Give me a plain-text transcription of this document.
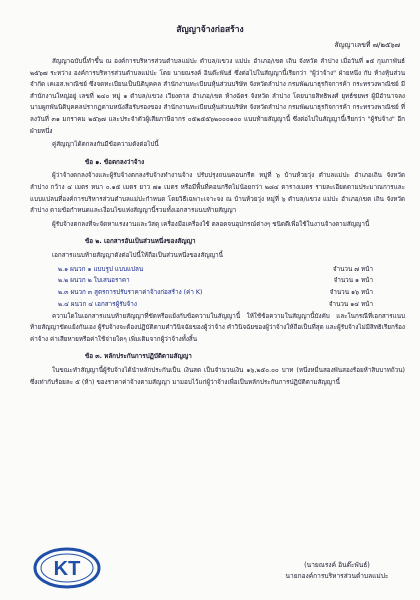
สัญญาจ้างก่อสร้าง
สัญญาเลขที่ ๗/๒๕๖๗

สัญญาฉบับนี้ทำขึ้น ณ องค์การบริหารส่วนตำบลแม่ปะ ตำบล/แขวง แม่ปะ อำเภอ/เขต เถิน จังหวัด ลำปาง เมื่อวันที่ ๑๕ กุมภาพันธ์ ๒๕๖๗ ระหว่าง องค์การบริหารส่วนตำบลแม่ปะ โดย นายณรงค์ อินต๊ะพันธ์ ซึ่งต่อไปในสัญญานี้เรียกว่า "ผู้ว่าจ้าง" ฝ่ายหนึ่ง กับ ห้างหุ้นส่วนจำกัด เคเอส.พาณิชย์ ซึ่งจดทะเบียนเป็นนิติบุคคล สำนักงานทะเบียนหุ้นส่วนบริษัท จังหวัดลำปาง กรมพัฒนาธุรกิจการค้า กระทรวงพาณิชย์ มีสำนักงานใหญ่อยู่ เลขที่ ๒๔๐ หมู่ ๑ ตำบล/แขวง เวียงตาล อำเภอ/เขต ห้างฉัตร จังหวัด ลำปาง โดยนายสิทธิพงศ์ ยุทธ์ชยพร ผู้มีอำนาจลงนามผูกพันนิติบุคคลปรากฏตามหนังสือรับรองของ สำนักงานทะเบียนหุ้นส่วนบริษัท จังหวัดลำปาง กรมพัฒนาธุรกิจการค้า กระทรวงพาณิชย์ ที่ ลงวันที่ ๓๑ มกราคม ๒๕๖๗ และประจำตัวผู้เสียภาษีอากร ๐๕๒๕๕๖๒๐๐๐๑๐๐ แนบท้ายสัญญานี้ ซึ่งต่อไปในสัญญานี้เรียกว่า "ผู้รับจ้าง" อีกฝ่ายหนึ่ง

คู่สัญญาได้ตกลงกันมีข้อความดังต่อไปนี้

ข้อ ๑. ข้อตกลงว่าจ้าง

ผู้ว่าจ้างตกลงจ้างและผู้รับจ้างตกลงรับจ้างทำงานจ้าง ปรับปรุงถนนคอนกรีต หมู่ที่ ๖ บ้านห้วยวุ่ง ตำบลแม่ปะ อำเภอเถิน จังหวัดลำปาง กว้าง ๔ เมตร หนา ๐.๑๕ เมตร ยาว ๗๑ เมตร หรือมีพื้นที่คอนกรีตไม่น้อยกว่า ๒๘๔ ตารางเมตร รายละเอียดตามประมาณการและแบบแปลนที่องค์การบริหารส่วนตำบลแม่ปะกำหนด โดยวิธีเฉพาะเจาะจง ณ บ้านห้วยวุ่ง หมู่ที่ ๖ ตำบล/แขวง แม่ปะ อำเภอ/เขต เถิน จังหวัด ลำปาง ตามข้อกำหนดและเงื่อนไขแห่งสัญญานี้รวมทั้งเอกสารแนบท้ายสัญญา

ผู้รับจ้างตกลงที่จะจัดหาแรงงานและวัสดุ เครื่องมือเครื่องใช้ ตลอดจนอุปกรณ์ต่างๆ ชนิดดีเพื่อใช้ในงานจ้างตามสัญญานี้

ข้อ ๒. เอกสารอันเป็นส่วนหนึ่งของสัญญา

เอกสารแนบท้ายสัญญาดังต่อไปนี้ให้ถือเป็นส่วนหนึ่งของสัญญานี้

๒.๑ ผนวก ๑ แบบรูป แบบแปลน	จำนวน ๗ หน้า
๒.๒ ผนวก ๒ ใบเสนอราคา	จำนวน ๑ หน้า
๒.๓ ผนวก ๓ สูตรการปรับราคาค่าจ้างก่อสร้าง (ค่า K)	จำนวน ๑๖ หน้า
๒.๔ ผนวก ๔ เอกสารผู้รับจ้าง	จำนวน ๑๔ หน้า

ความใดในเอกสารแนบท้ายสัญญาที่ขัดหรือแย้งกับข้อความในสัญญานี้ ให้ใช้ข้อความในสัญญานี้บังคับ และในกรณีที่เอกสารแนบท้ายสัญญาขัดแย้งกันเอง ผู้รับจ้างจะต้องปฏิบัติตามคำวินิจฉัยของผู้ว่าจ้าง คำวินิจฉัยของผู้ว่าจ้างให้ถือเป็นที่สุด และผู้รับจ้างไม่มีสิทธิเรียกร้องค่าจ้าง ค่าเสียหายหรือค่าใช้จ่ายใดๆ เพิ่มเติมจากผู้ว่าจ้างทั้งสิ้น

ข้อ ๓. หลักประกันการปฏิบัติตามสัญญา

ในขณะทำสัญญานี้ผู้รับจ้างได้นำหลักประกันเป็น เงินสด เป็นจำนวนเงิน ๑๖,๒๕๐.๐๐ บาท (หนึ่งหมื่นสองพันสองร้อยห้าสิบบาทถ้วน) ซึ่งเท่ากับร้อยละ ๕ (ห้า) ของราคาค่าจ้างตามสัญญา มามอบไว้แก่ผู้ว่าจ้างเพื่อเป็นหลักประกันการปฏิบัติตามสัญญานี้

KT	(นายณรงค์ อินต๊ะพันธ์)
นายกองค์การบริหารส่วนตำบลแม่ปะ
